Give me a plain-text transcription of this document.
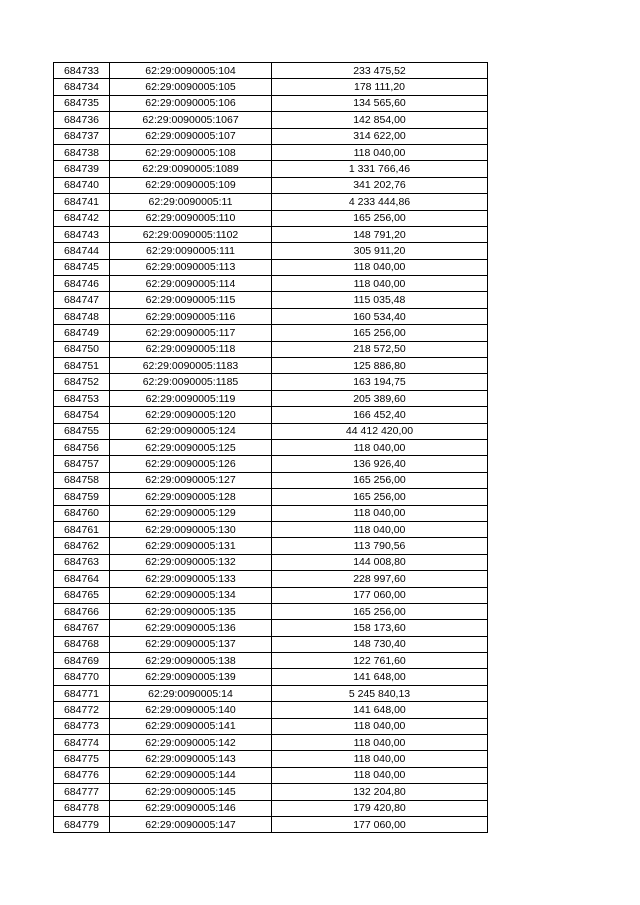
684733	62:29:0090005:104	233 475,52
684734	62:29:0090005:105	178 111,20
684735	62:29:0090005:106	134 565,60
684736	62:29:0090005:1067	142 854,00
684737	62:29:0090005:107	314 622,00
684738	62:29:0090005:108	118 040,00
684739	62:29:0090005:1089	1 331 766,46
684740	62:29:0090005:109	341 202,76
684741	62:29:0090005:11	4 233 444,86
684742	62:29:0090005:110	165 256,00
684743	62:29:0090005:1102	148 791,20
684744	62:29:0090005:111	305 911,20
684745	62:29:0090005:113	118 040,00
684746	62:29:0090005:114	118 040,00
684747	62:29:0090005:115	115 035,48
684748	62:29:0090005:116	160 534,40
684749	62:29:0090005:117	165 256,00
684750	62:29:0090005:118	218 572,50
684751	62:29:0090005:1183	125 886,80
684752	62:29:0090005:1185	163 194,75
684753	62:29:0090005:119	205 389,60
684754	62:29:0090005:120	166 452,40
684755	62:29:0090005:124	44 412 420,00
684756	62:29:0090005:125	118 040,00
684757	62:29:0090005:126	136 926,40
684758	62:29:0090005:127	165 256,00
684759	62:29:0090005:128	165 256,00
684760	62:29:0090005:129	118 040,00
684761	62:29:0090005:130	118 040,00
684762	62:29:0090005:131	113 790,56
684763	62:29:0090005:132	144 008,80
684764	62:29:0090005:133	228 997,60
684765	62:29:0090005:134	177 060,00
684766	62:29:0090005:135	165 256,00
684767	62:29:0090005:136	158 173,60
684768	62:29:0090005:137	148 730,40
684769	62:29:0090005:138	122 761,60
684770	62:29:0090005:139	141 648,00
684771	62:29:0090005:14	5 245 840,13
684772	62:29:0090005:140	141 648,00
684773	62:29:0090005:141	118 040,00
684774	62:29:0090005:142	118 040,00
684775	62:29:0090005:143	118 040,00
684776	62:29:0090005:144	118 040,00
684777	62:29:0090005:145	132 204,80
684778	62:29:0090005:146	179 420,80
684779	62:29:0090005:147	177 060,00
